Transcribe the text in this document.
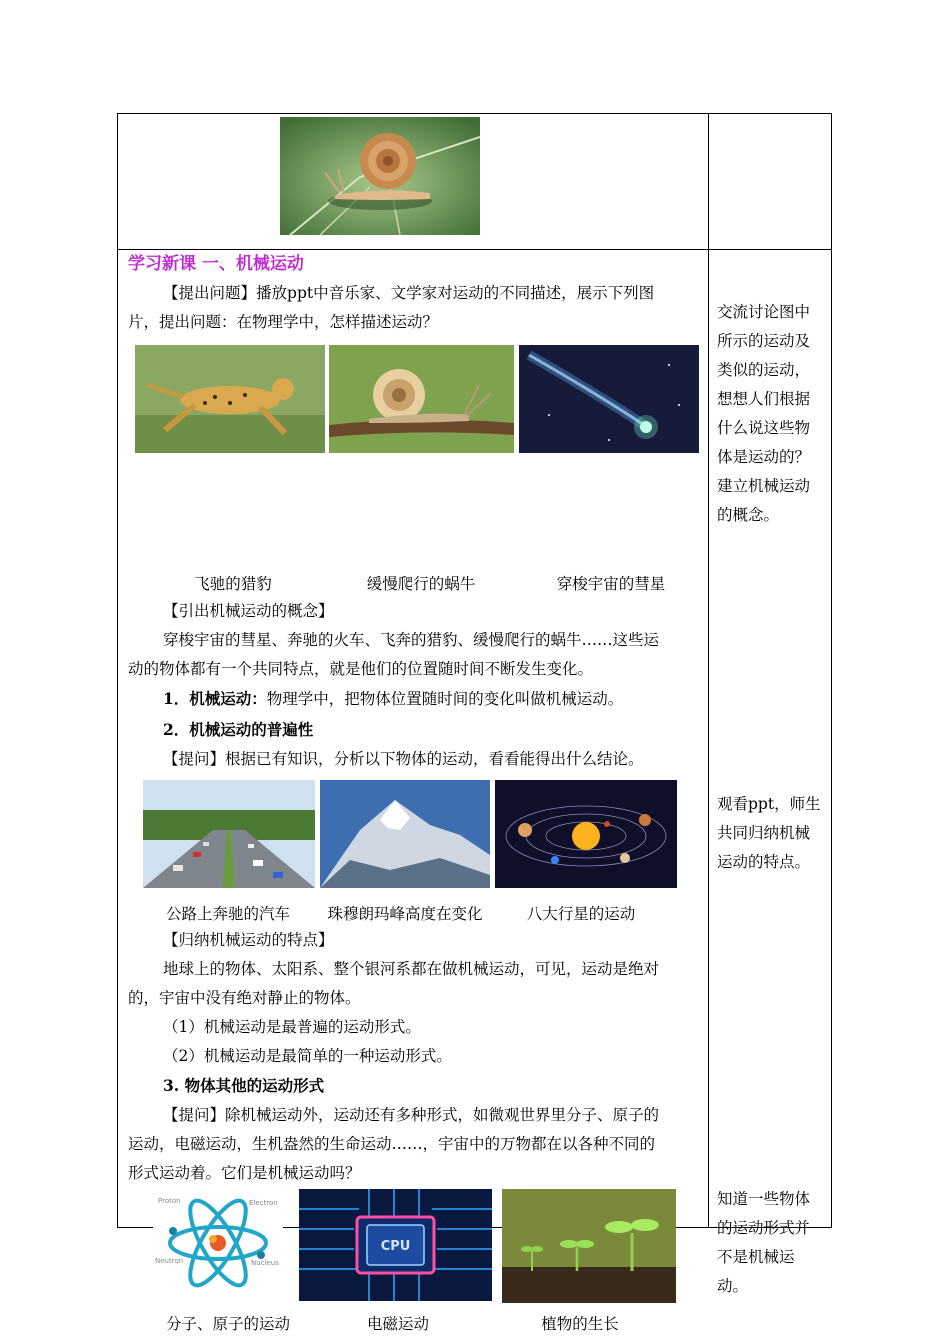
学习新课 一、机械运动
【提出问题】播放ppt中音乐家、文学家对运动的不同描述，展示下列图
片，提出问题：在物理学中，怎样描述运动？
飞驰的猎豹	缓慢爬行的蜗牛	穿梭宇宙的彗星
【引出机械运动的概念】
穿梭宇宙的彗星、奔驰的火车、飞奔的猎豹、缓慢爬行的蜗牛……这些运
动的物体都有一个共同特点，就是他们的位置随时间不断发生变化。
1．机械运动：物理学中，把物体位置随时间的变化叫做机械运动。
2．机械运动的普遍性
【提问】根据已有知识，分析以下物体的运动，看看能得出什么结论。
公路上奔驰的汽车	珠穆朗玛峰高度在变化	八大行星的运动
【归纳机械运动的特点】
地球上的物体、太阳系、整个银河系都在做机械运动，可见，运动是绝对
的，宇宙中没有绝对静止的物体。
（1）机械运动是最普遍的运动形式。
（2）机械运动是最简单的一种运动形式。
3. 物体其他的运动形式
【提问】除机械运动外，运动还有多种形式，如微观世界里分子、原子的
运动，电磁运动，生机盎然的生命运动……，宇宙中的万物都在以各种不同的
形式运动着。它们是机械运动吗？
Proton	Electron
Neutron	Nucleus
CPU
分子、原子的运动	电磁运动	植物的生长
交流讨论图中
所示的运动及
类似的运动，
想想人们根据
什么说这些物
体是运动的？
建立机械运动
的概念。
观看ppt，师生
共同归纳机械
运动的特点。
知道一些物体
的运动形式并
不是机械运
动。
